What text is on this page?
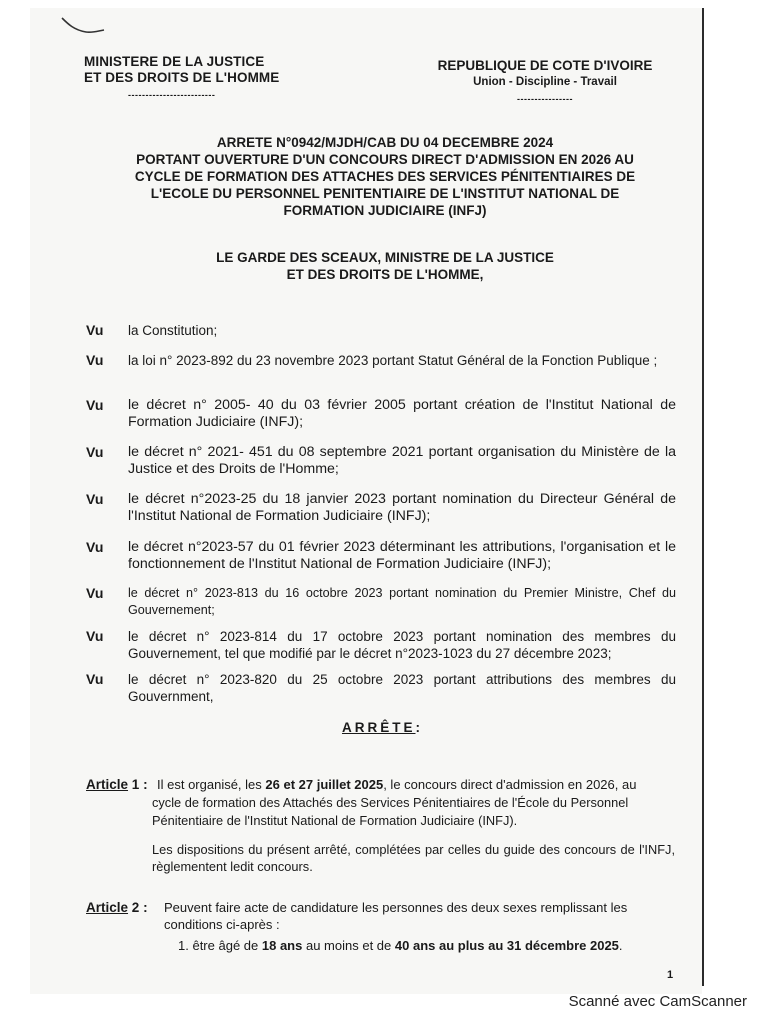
MINISTERE DE LA JUSTICE
ET DES DROITS DE L'HOMME
-------------------------
REPUBLIQUE DE COTE D'IVOIRE
Union - Discipline - Travail
----------------
ARRETE N°0942/MJDH/CAB DU 04 DECEMBRE 2024
PORTANT OUVERTURE D'UN CONCOURS DIRECT D'ADMISSION EN 2026 AU
CYCLE DE FORMATION DES ATTACHES DES SERVICES PÉNITENTIAIRES DE
L'ECOLE DU PERSONNEL PENITENTIAIRE DE L'INSTITUT NATIONAL DE
FORMATION JUDICIAIRE (INFJ)
LE GARDE DES SCEAUX, MINISTRE DE LA JUSTICE
ET DES DROITS DE L'HOMME,
Vu la Constitution;
Vu la loi n° 2023-892 du 23 novembre 2023 portant Statut Général de la Fonction Publique ;
Vu le décret n° 2005- 40 du 03 février 2005 portant création de l'Institut National de Formation Judiciaire (INFJ);
Vu le décret n° 2021- 451 du 08 septembre 2021 portant organisation du Ministère de la Justice et des Droits de l'Homme;
Vu le décret n°2023-25 du 18 janvier 2023 portant nomination du Directeur Général de l'Institut National de Formation Judiciaire (INFJ);
Vu le décret n°2023-57 du 01 février 2023 déterminant les attributions, l'organisation et le fonctionnement de l'Institut National de Formation Judiciaire (INFJ);
Vu le décret n° 2023-813 du 16 octobre 2023 portant nomination du Premier Ministre, Chef du Gouvernement;
Vu le décret n° 2023-814 du 17 octobre 2023 portant nomination des membres du Gouvernement, tel que modifié par le décret n°2023-1023 du 27 décembre 2023;
Vu le décret n° 2023-820 du 25 octobre 2023 portant attributions des membres du Gouvernment,
ARRÊTE:
Article 1 : Il est organisé, les 26 et 27 juillet 2025, le concours direct d'admission en 2026, au
cycle de formation des Attachés des Services Pénitentiaires de l'École du Personnel
Pénitentiaire de l'Institut National de Formation Judiciaire (INFJ).
Les dispositions du présent arrêté, complétées par celles du guide des concours de l'INFJ, règlementent ledit concours.
Article 2 : Peuvent faire acte de candidature les personnes des deux sexes remplissant les
conditions ci-après :
1. être âgé de 18 ans au moins et de 40 ans au plus au 31 décembre 2025.
1
Scanné avec CamScanner
